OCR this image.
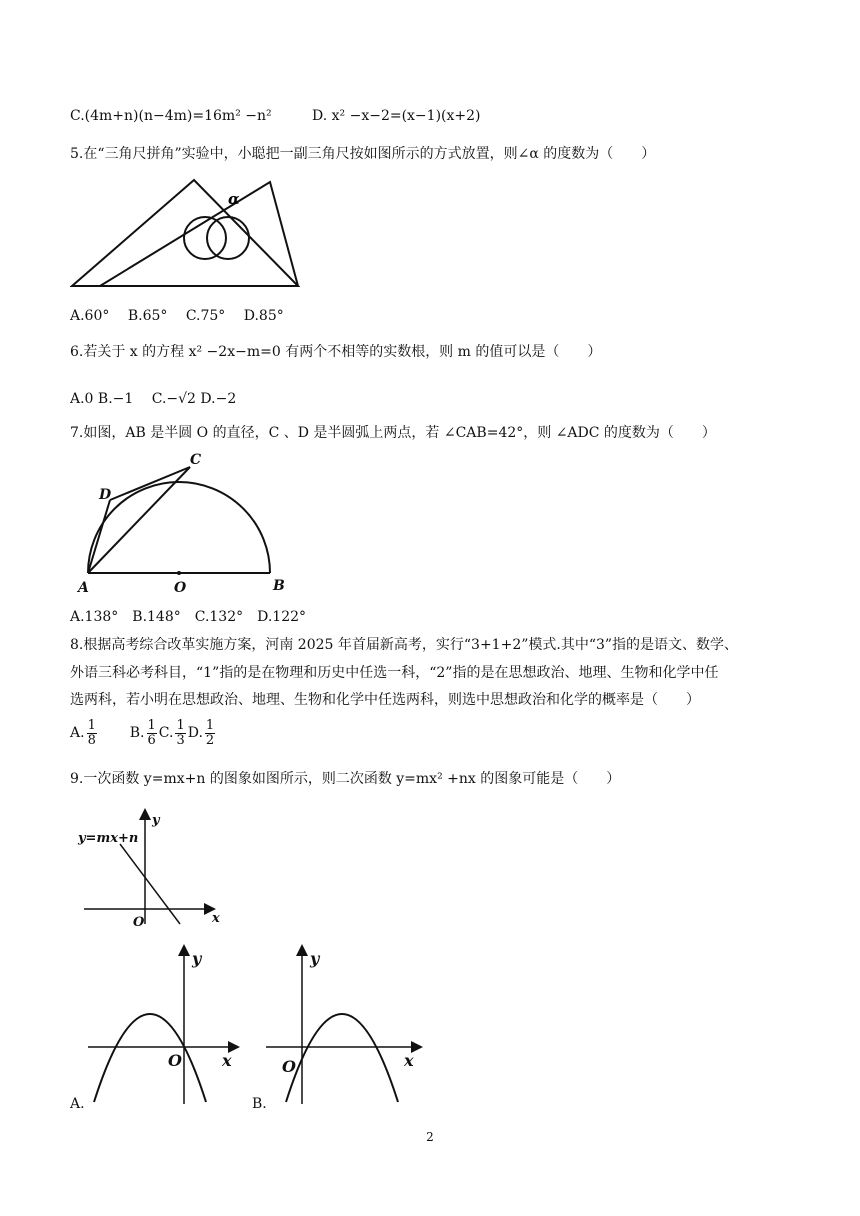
C.(4m+n)(n−4m)=16m² −n²	D. x² −x−2=(x−1)(x+2)
5.在“三角尺拼角”实验中，小聪把一副三角尺按如图所示的方式放置，则∠α 的度数为（　　）
α
A.60°　 B.65°　 C.75°　 D.85°
6.若关于 x 的方程 x² −2x−m=0 有两个不相等的实数根，则 m 的值可以是（　　）
A.0 B.−1　 C.−√2 D.−2
7.如图，AB 是半圆 O 的直径，C 、D 是半圆弧上两点，若 ∠CAB=42°，则 ∠ADC 的度数为（　　）
A	O	B
C
D
A.138°　B.148°　C.132°　D.122°
8.根据高考综合改革实施方案，河南 2025 年首届新高考，实行“3+1+2”模式.其中“3”指的是语文、数学、
外语三科必考科目，“1”指的是在物理和历史中任选一科，“2”指的是在思想政治、地理、生物和化学中任
选两科，若小明在思想政治、地理、生物和化学中任选两科，则选中思想政治和化学的概率是（　　）
A. $\frac{1}{8} B$. $\frac{1}{6} C$. $\frac{1}{3} D$. $\frac{1}{2}$
9.一次函数 y=mx+n 的图象如图所示，则二次函数 y=mx² +nx 的图象可能是（　　）
y=mx+n
y
x
O
y
x
O
A.
y
x
O
B.
2
